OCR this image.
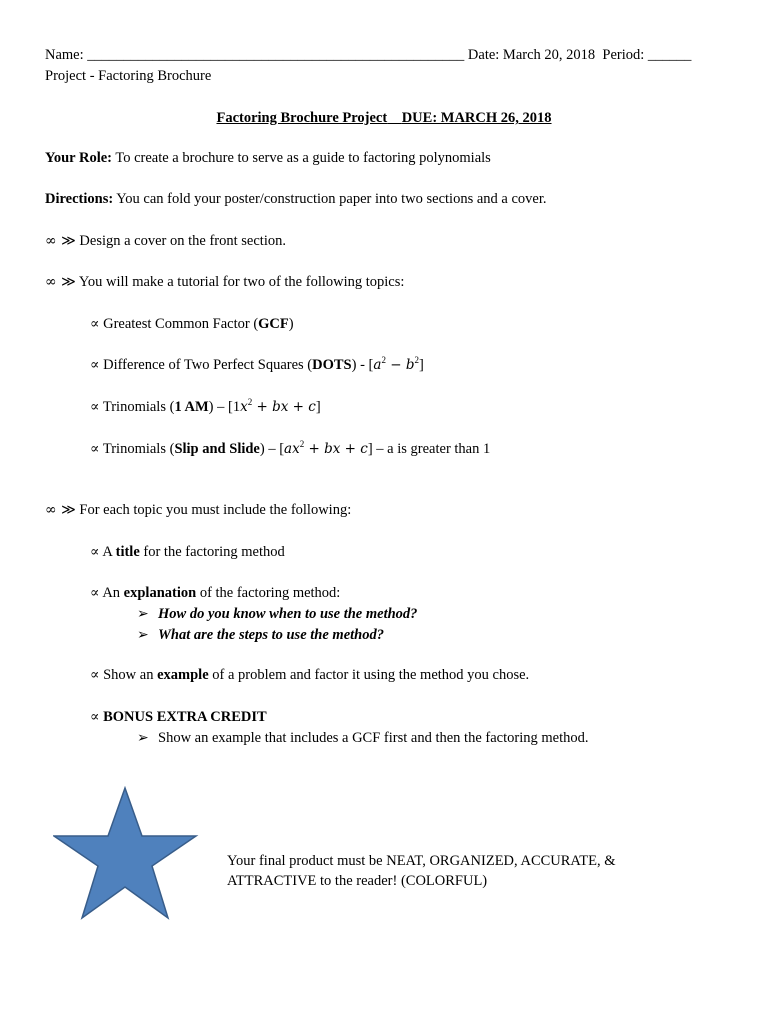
Name: ____________________________________________________ Date: March 20, 2018 Period: ______
Project - Factoring Brochure
Factoring Brochure Project DUE: MARCH 26, 2018
Your Role: To create a brochure to serve as a guide to factoring polynomials
Directions: You can fold your poster/construction paper into two sections and a cover.
∞ ≫ Design a cover on the front section.
∞ ≫ You will make a tutorial for two of the following topics:
∝ Greatest Common Factor (GCF)
∝ Difference of Two Perfect Squares (DOTS) - $[a^2 - b^2]$
∝ Trinomials (1 $AM) - [1x^2$ + bx + c]
∝ Trinomials (Slip and Slide) – [$ax^2$ + bx + c] – a is greater than 1
∞ ≫ For each topic you must include the following:
∝ A title for the factoring method
∝ An explanation of the factoring method:
➢ How do you know when to use the method?
➢ What are the steps to use the method?
∝ Show an example of a problem and factor it using the method you chose.
∝ BONUS EXTRA CREDIT
➢ Show an example that includes a GCF first and then the factoring method.
Your final product must be NEAT, ORGANIZED, ACCURATE, & ATTRACTIVE to the reader! (COLORFUL)
